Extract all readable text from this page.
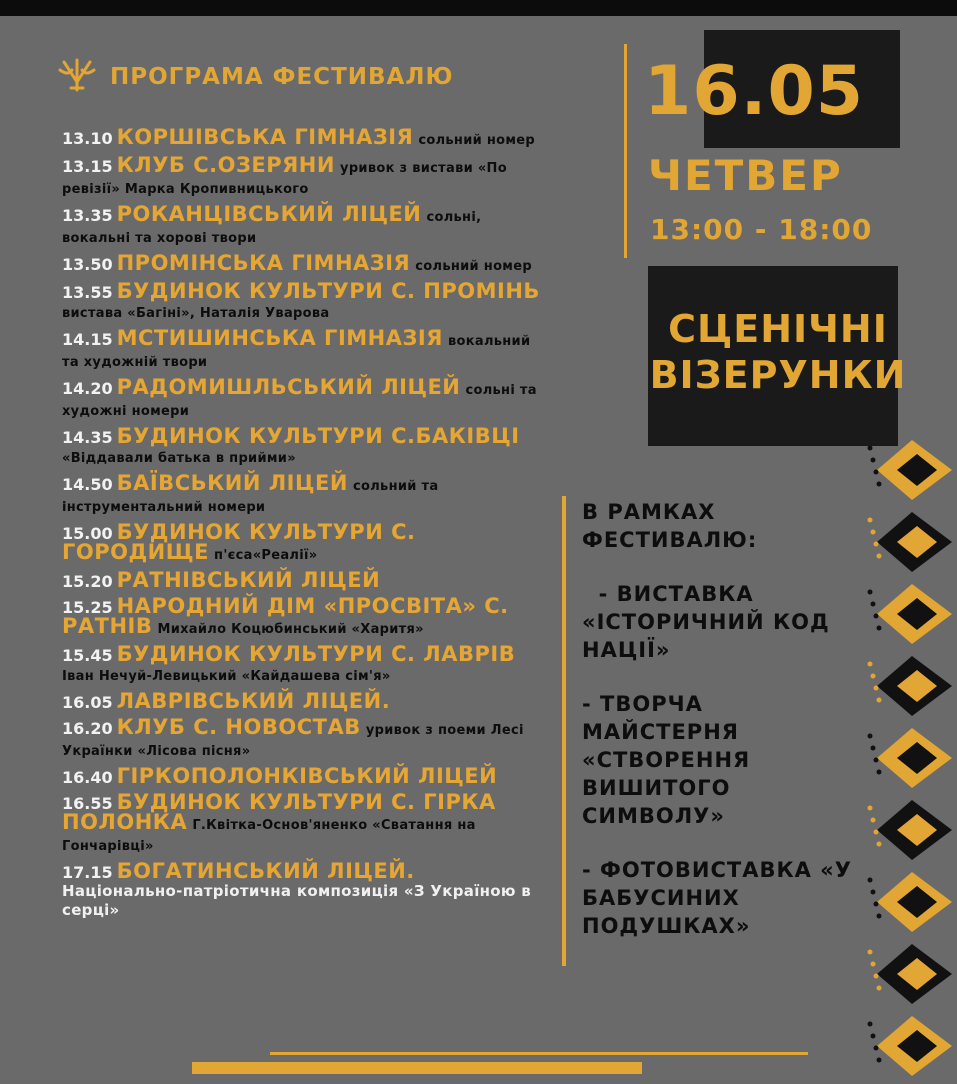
ПРОГРАМА ФЕСТИВАЛЮ
13.10 КОРШІВСЬКА ГІМНАЗІЯ сольний номер
13.15 КЛУБ С.ОЗЕРЯНИ уривок з вистави «По ревізії» Марка Кропивницького
13.35 РОКАНЦІВСЬКИЙ ЛІЦЕЙ сольні, вокальні та хорові твори
13.50 ПРОМІНСЬКА ГІМНАЗІЯ сольний номер
13.55 БУДИНОК КУЛЬТУРИ С. ПРОМІНЬ вистава «Багіні», Наталія Уварова
14.15 МСТИШИНСЬКА ГІМНАЗІЯ вокальний та художній твори
14.20 РАДОМИШЛЬСЬКИЙ ЛІЦЕЙ сольні та художні номери
14.35 БУДИНОК КУЛЬТУРИ С.БАКІВЦІ «Віддавали батька в прийми»
14.50 БАЇВСЬКИЙ ЛІЦЕЙ сольний та інструментальний номери
15.00 БУДИНОК КУЛЬТУРИ С. ГОРОДИЩЕ п'єса«Реалії»
15.20 РАТНІВСЬКИЙ ЛІЦЕЙ
15.25 НАРОДНИЙ ДІМ «ПРОСВІТА» С. РАТНІВ Михайло Коцюбинський «Харитя»
15.45 БУДИНОК КУЛЬТУРИ С. ЛАВРІВ Іван Нечуй-Левицький «Кайдашева сім'я»
16.05 ЛАВРІВСЬКИЙ ЛІЦЕЙ.
16.20 КЛУБ С. НОВОСТАВ уривок з поеми Лесі Українки «Лісова пісня»
16.40 ГІРКОПОЛОНКІВСЬКИЙ ЛІЦЕЙ
16.55 БУДИНОК КУЛЬТУРИ С. ГІРКА ПОЛОНКА Г.Квітка-Основ'яненко «Сватання на Гончарівці»
17.15 БОГАТИНСЬКИЙ ЛІЦЕЙ.
Національно-патріотична композиція «З Україною в серці»
16.05
ЧЕТВЕР
13:00 - 18:00
СЦЕНІЧНІ
ВІЗЕРУНКИ
В РАМКАХ ФЕСТИВАЛЮ:
- ВИСТАВКА «ІСТОРИЧНИЙ КОД НАЦІЇ»
- ТВОРЧА МАЙСТЕРНЯ «СТВОРЕННЯ ВИШИТОГО СИМВОЛУ»
- ФОТОВИСТАВКА «У БАБУСИНИХ ПОДУШКАХ»
